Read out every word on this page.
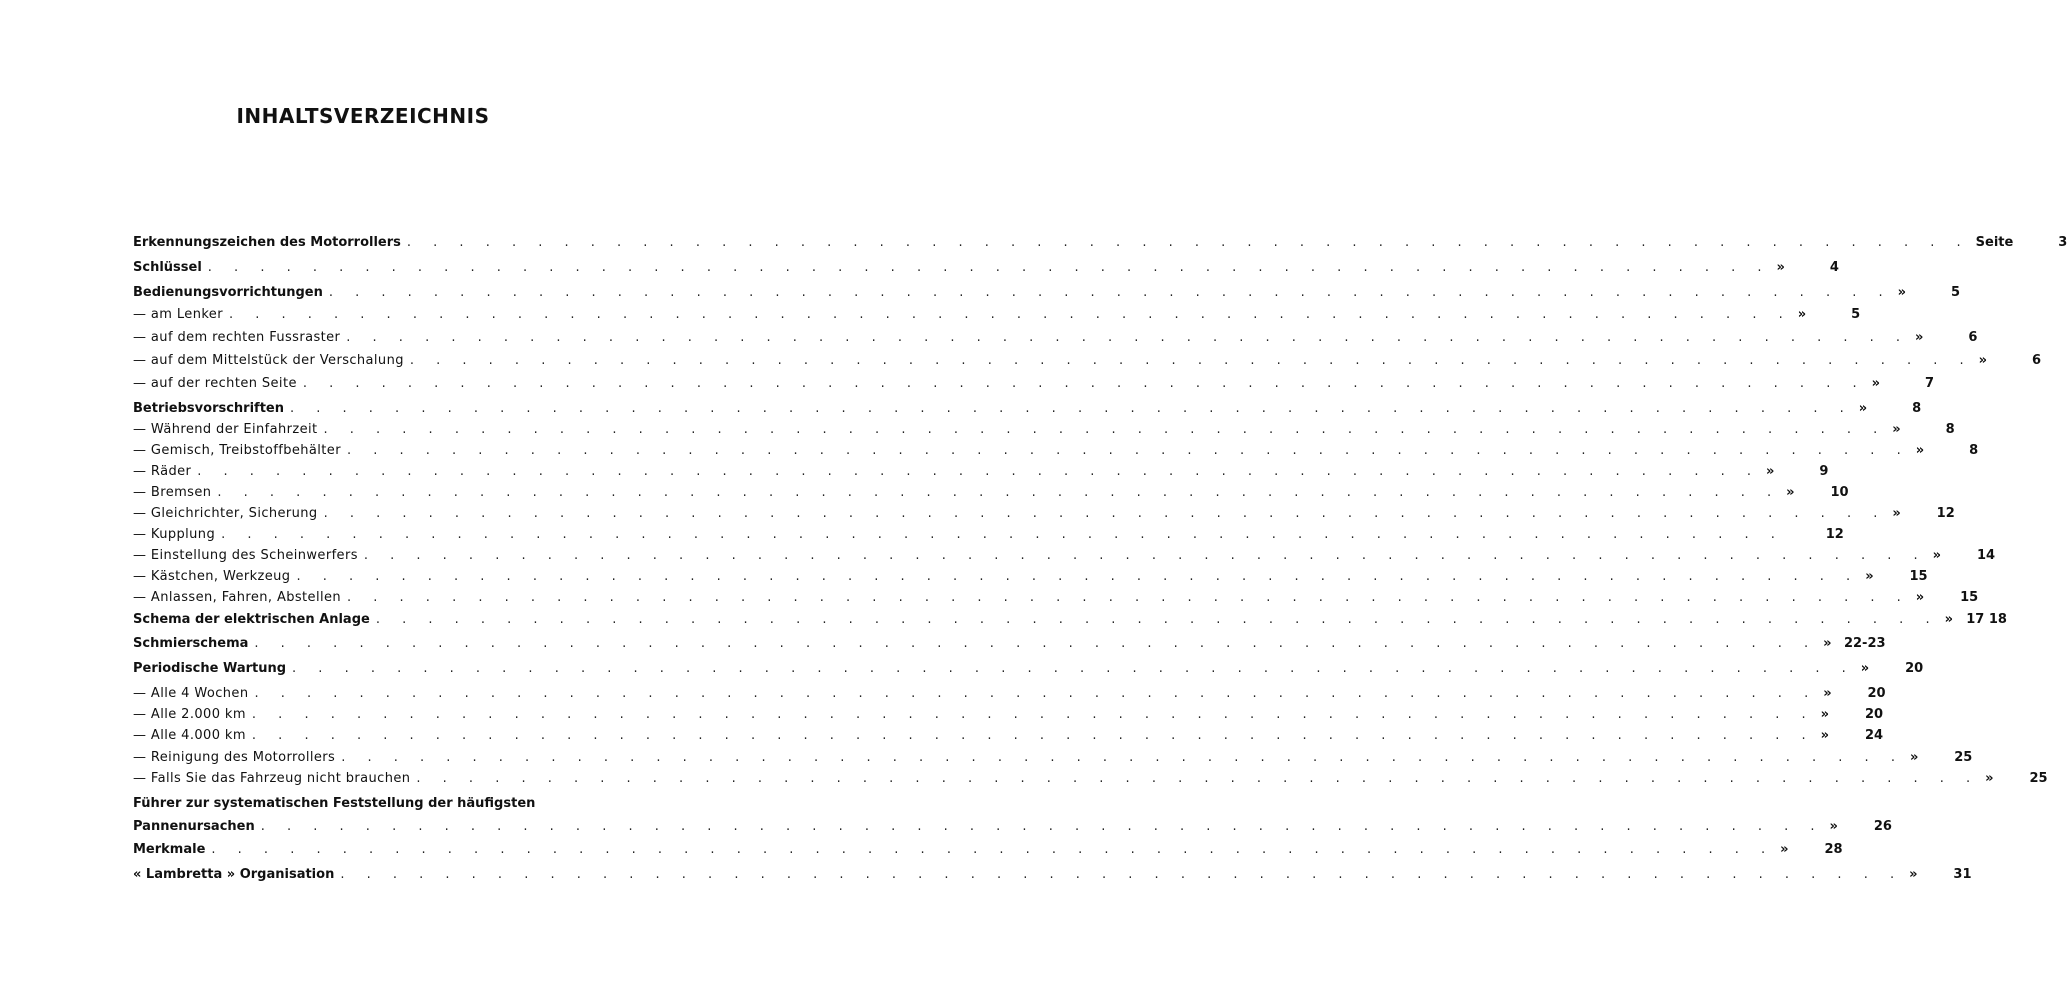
INHALTSVERZEICHNIS
Erkennungszeichen des Motorrollers . . . . . . . . . . . . . . . . . . . . . . . . . . . . . . . . . . . . . . . . . . . . . . . . . . . . . . . . . . . . Seite	3
Schlüssel . . . . . . . . . . . . . . . . . . . . . . . . . . . . . . . . . . . . . . . . . . . . . . . . . . . . . . . . . . . . »	4
Bedienungsvorrichtungen . . . . . . . . . . . . . . . . . . . . . . . . . . . . . . . . . . . . . . . . . . . . . . . . . . . . . . . . . . . . »	5
— am Lenker . . . . . . . . . . . . . . . . . . . . . . . . . . . . . . . . . . . . . . . . . . . . . . . . . . . . . . . . . . . . »	5
— auf dem rechten Fussraster . . . . . . . . . . . . . . . . . . . . . . . . . . . . . . . . . . . . . . . . . . . . . . . . . . . . . . . . . . . . »	6
— auf dem Mittelstück der Verschalung . . . . . . . . . . . . . . . . . . . . . . . . . . . . . . . . . . . . . . . . . . . . . . . . . . . . . . . . . . . . »	6
— auf der rechten Seite . . . . . . . . . . . . . . . . . . . . . . . . . . . . . . . . . . . . . . . . . . . . . . . . . . . . . . . . . . . . »	7
Betriebsvorschriften . . . . . . . . . . . . . . . . . . . . . . . . . . . . . . . . . . . . . . . . . . . . . . . . . . . . . . . . . . . . »	8
— Während der Einfahrzeit . . . . . . . . . . . . . . . . . . . . . . . . . . . . . . . . . . . . . . . . . . . . . . . . . . . . . . . . . . . . »	8
— Gemisch, Treibstoffbehälter . . . . . . . . . . . . . . . . . . . . . . . . . . . . . . . . . . . . . . . . . . . . . . . . . . . . . . . . . . . . »	8
— Räder . . . . . . . . . . . . . . . . . . . . . . . . . . . . . . . . . . . . . . . . . . . . . . . . . . . . . . . . . . . . »	9
— Bremsen . . . . . . . . . . . . . . . . . . . . . . . . . . . . . . . . . . . . . . . . . . . . . . . . . . . . . . . . . . . . »	10
— Gleichrichter, Sicherung . . . . . . . . . . . . . . . . . . . . . . . . . . . . . . . . . . . . . . . . . . . . . . . . . . . . . . . . . . . . »	12
— Kupplung . . . . . . . . . . . . . . . . . . . . . . . . . . . . . . . . . . . . . . . . . . . . . . . . . . . . . . . . . . . .	12
— Einstellung des Scheinwerfers . . . . . . . . . . . . . . . . . . . . . . . . . . . . . . . . . . . . . . . . . . . . . . . . . . . . . . . . . . . . »	14
— Kästchen, Werkzeug . . . . . . . . . . . . . . . . . . . . . . . . . . . . . . . . . . . . . . . . . . . . . . . . . . . . . . . . . . . . »	15
— Anlassen, Fahren, Abstellen . . . . . . . . . . . . . . . . . . . . . . . . . . . . . . . . . . . . . . . . . . . . . . . . . . . . . . . . . . . . »	15
Schema der elektrischen Anlage . . . . . . . . . . . . . . . . . . . . . . . . . . . . . . . . . . . . . . . . . . . . . . . . . . . . . . . . . . . . »	17 18
Schmierschema . . . . . . . . . . . . . . . . . . . . . . . . . . . . . . . . . . . . . . . . . . . . . . . . . . . . . . . . . . . . » 22-23
Periodische Wartung . . . . . . . . . . . . . . . . . . . . . . . . . . . . . . . . . . . . . . . . . . . . . . . . . . . . . . . . . . . . »	20
— Alle 4 Wochen . . . . . . . . . . . . . . . . . . . . . . . . . . . . . . . . . . . . . . . . . . . . . . . . . . . . . . . . . . . . »	20
— Alle 2.000 km . . . . . . . . . . . . . . . . . . . . . . . . . . . . . . . . . . . . . . . . . . . . . . . . . . . . . . . . . . . . »	20
— Alle 4.000 km . . . . . . . . . . . . . . . . . . . . . . . . . . . . . . . . . . . . . . . . . . . . . . . . . . . . . . . . . . . . »	24
— Reinigung des Motorrollers . . . . . . . . . . . . . . . . . . . . . . . . . . . . . . . . . . . . . . . . . . . . . . . . . . . . . . . . . . . . »	25
— Falls Sie das Fahrzeug nicht brauchen . . . . . . . . . . . . . . . . . . . . . . . . . . . . . . . . . . . . . . . . . . . . . . . . . . . . . . . . . . . . »	25
Führer zur systematischen Feststellung der häufigsten
Pannenursachen . . . . . . . . . . . . . . . . . . . . . . . . . . . . . . . . . . . . . . . . . . . . . . . . . . . . . . . . . . . . »	26
Merkmale . . . . . . . . . . . . . . . . . . . . . . . . . . . . . . . . . . . . . . . . . . . . . . . . . . . . . . . . . . . . »	28
« Lambretta » Organisation . . . . . . . . . . . . . . . . . . . . . . . . . . . . . . . . . . . . . . . . . . . . . . . . . . . . . . . . . . . . »	31
